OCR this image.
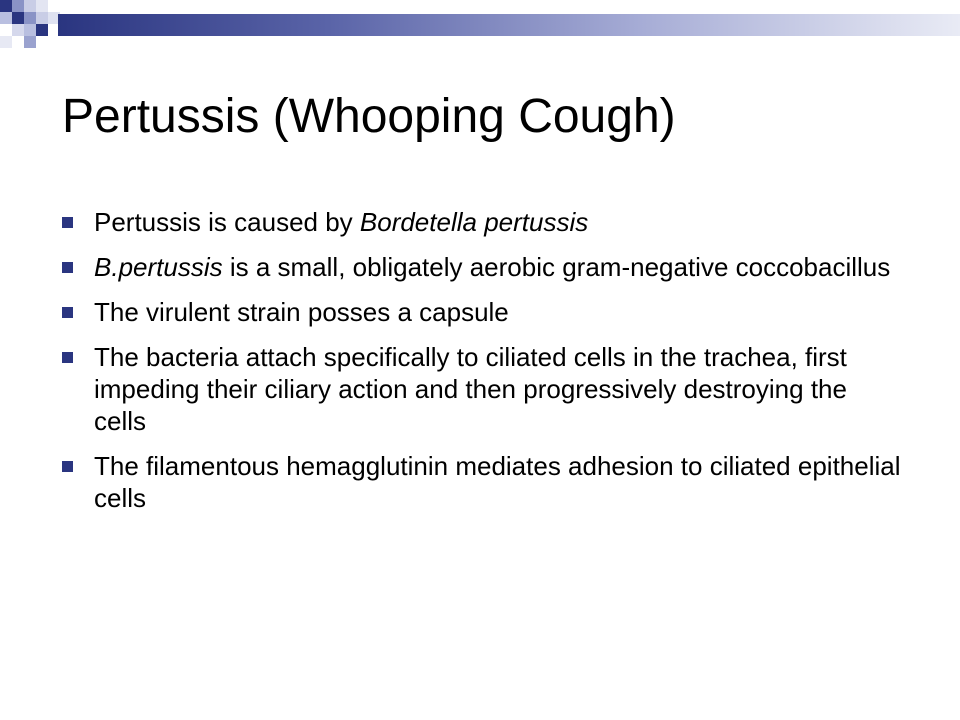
Pertussis (Whooping Cough)
Pertussis is caused by Bordetella pertussis
B.pertussis is a small, obligately aerobic gram-negative coccobacillus
The virulent strain posses a capsule
The bacteria attach specifically to ciliated cells in the trachea, first impeding their ciliary action and then progressively destroying the cells
The filamentous hemagglutinin mediates adhesion to ciliated epithelial cells
